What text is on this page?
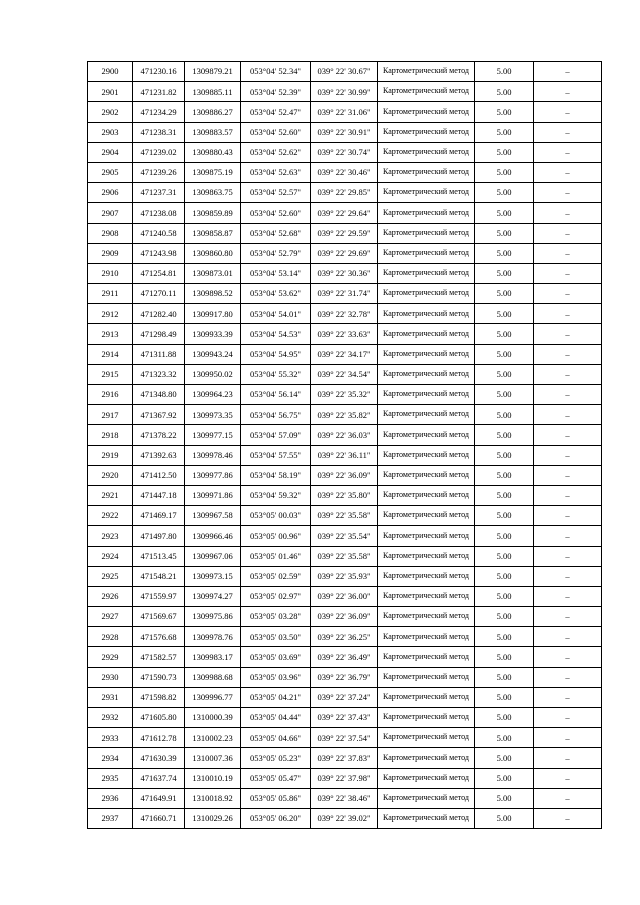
2900	471230.16	1309879.21	053°04' 52.34"	039° 22' 30.67"	Картометрический метод	5.00	–
2901	471231.82	1309885.11	053°04' 52.39"	039° 22' 30.99"	Картометрический метод	5.00	–
2902	471234.29	1309886.27	053°04' 52.47"	039° 22' 31.06"	Картометрический метод	5.00	–
2903	471238.31	1309883.57	053°04' 52.60"	039° 22' 30.91"	Картометрический метод	5.00	–
2904	471239.02	1309880.43	053°04' 52.62"	039° 22' 30.74"	Картометрический метод	5.00	–
2905	471239.26	1309875.19	053°04' 52.63"	039° 22' 30.46"	Картометрический метод	5.00	–
2906	471237.31	1309863.75	053°04' 52.57"	039° 22' 29.85"	Картометрический метод	5.00	–
2907	471238.08	1309859.89	053°04' 52.60"	039° 22' 29.64"	Картометрический метод	5.00	–
2908	471240.58	1309858.87	053°04' 52.68"	039° 22' 29.59"	Картометрический метод	5.00	–
2909	471243.98	1309860.80	053°04' 52.79"	039° 22' 29.69"	Картометрический метод	5.00	–
2910	471254.81	1309873.01	053°04' 53.14"	039° 22' 30.36"	Картометрический метод	5.00	–
2911	471270.11	1309898.52	053°04' 53.62"	039° 22' 31.74"	Картометрический метод	5.00	–
2912	471282.40	1309917.80	053°04' 54.01"	039° 22' 32.78"	Картометрический метод	5.00	–
2913	471298.49	1309933.39	053°04' 54.53"	039° 22' 33.63"	Картометрический метод	5.00	–
2914	471311.88	1309943.24	053°04' 54.95"	039° 22' 34.17"	Картометрический метод	5.00	–
2915	471323.32	1309950.02	053°04' 55.32"	039° 22' 34.54"	Картометрический метод	5.00	–
2916	471348.80	1309964.23	053°04' 56.14"	039° 22' 35.32"	Картометрический метод	5.00	–
2917	471367.92	1309973.35	053°04' 56.75"	039° 22' 35.82"	Картометрический метод	5.00	–
2918	471378.22	1309977.15	053°04' 57.09"	039° 22' 36.03"	Картометрический метод	5.00	–
2919	471392.63	1309978.46	053°04' 57.55"	039° 22' 36.11"	Картометрический метод	5.00	–
2920	471412.50	1309977.86	053°04' 58.19"	039° 22' 36.09"	Картометрический метод	5.00	–
2921	471447.18	1309971.86	053°04' 59.32"	039° 22' 35.80"	Картометрический метод	5.00	–
2922	471469.17	1309967.58	053°05' 00.03"	039° 22' 35.58"	Картометрический метод	5.00	–
2923	471497.80	1309966.46	053°05' 00.96"	039° 22' 35.54"	Картометрический метод	5.00	–
2924	471513.45	1309967.06	053°05' 01.46"	039° 22' 35.58"	Картометрический метод	5.00	–
2925	471548.21	1309973.15	053°05' 02.59"	039° 22' 35.93"	Картометрический метод	5.00	–
2926	471559.97	1309974.27	053°05' 02.97"	039° 22' 36.00"	Картометрический метод	5.00	–
2927	471569.67	1309975.86	053°05' 03.28"	039° 22' 36.09"	Картометрический метод	5.00	–
2928	471576.68	1309978.76	053°05' 03.50"	039° 22' 36.25"	Картометрический метод	5.00	–
2929	471582.57	1309983.17	053°05' 03.69"	039° 22' 36.49"	Картометрический метод	5.00	–
2930	471590.73	1309988.68	053°05' 03.96"	039° 22' 36.79"	Картометрический метод	5.00	–
2931	471598.82	1309996.77	053°05' 04.21"	039° 22' 37.24"	Картометрический метод	5.00	–
2932	471605.80	1310000.39	053°05' 04.44"	039° 22' 37.43"	Картометрический метод	5.00	–
2933	471612.78	1310002.23	053°05' 04.66"	039° 22' 37.54"	Картометрический метод	5.00	–
2934	471630.39	1310007.36	053°05' 05.23"	039° 22' 37.83"	Картометрический метод	5.00	–
2935	471637.74	1310010.19	053°05' 05.47"	039° 22' 37.98"	Картометрический метод	5.00	–
2936	471649.91	1310018.92	053°05' 05.86"	039° 22' 38.46"	Картометрический метод	5.00	–
2937	471660.71	1310029.26	053°05' 06.20"	039° 22' 39.02"	Картометрический метод	5.00	–
